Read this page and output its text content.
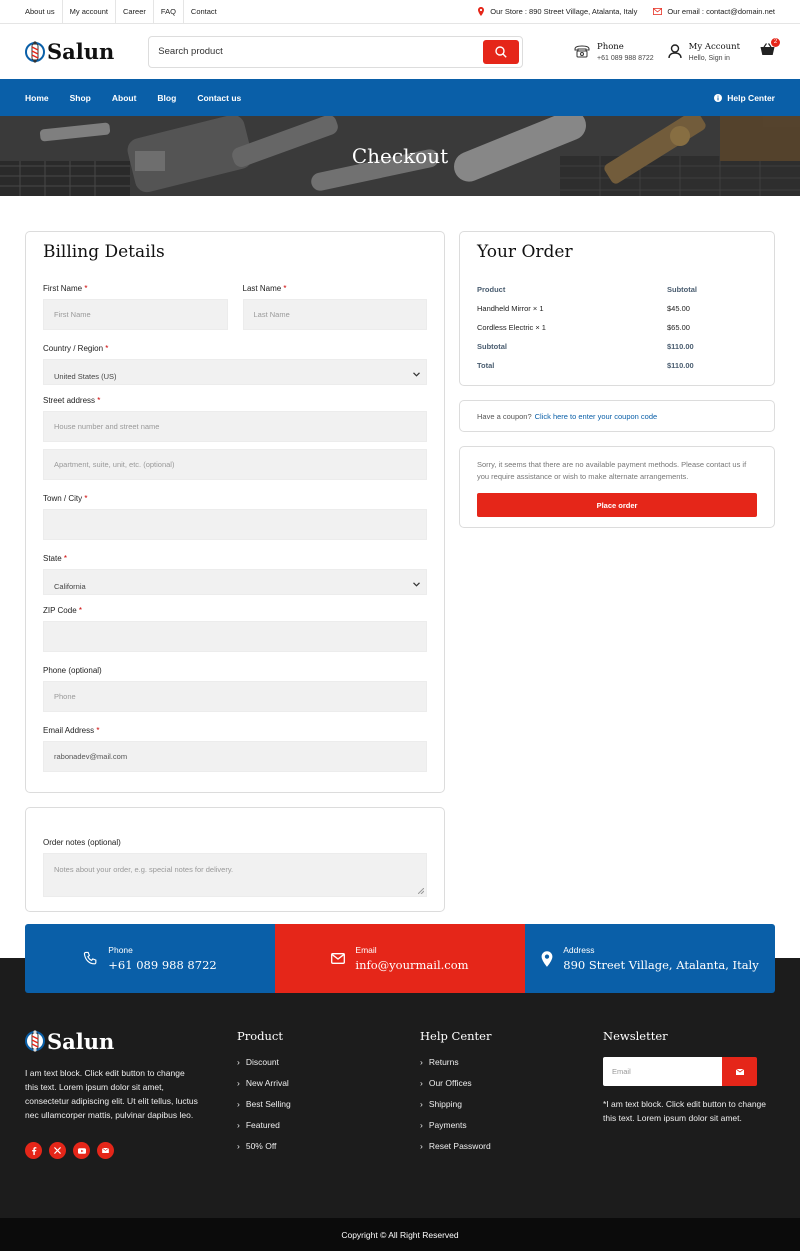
About us	My account	Career	FAQ	Contact	Our Store : 890 Street Village, Atalanta, Italy	Our email : contact@domain.net
Salun	Search product	Phone
+61 089 988 8722
My Account
Hello, Sign in
2
Home Shop About Blog Contact us	Help Center
Checkout
Billing Details
First Name *
First Name
Last Name *
Last Name
Country / Region *
United States (US)
Street address *
House number and street name
Apartment, suite, unit, etc. (optional)
Town / City *
State *
California
ZIP Code *
Phone (optional)
Phone
Email Address *
rabonadev@mail.com
Order notes (optional)
Notes about your order, e.g. special notes for delivery.
Your Order
Product	Subtotal
Handheld Mirror × 1	$45.00
Cordless Electric × 1	$65.00
Subtotal	$110.00
Total	$110.00
Have a coupon? Click here to enter your coupon code

Sorry, it seems that there are no available payment methods. Please contact us if you require assistance or wish to make alternate arrangements.

Place order
Phone
+61 089 988 8722
Email
info@yourmail.com
Address
890 Street Village, Atalanta, Italy
Salun

I am text block. Click edit button to change this text. Lorem ipsum dolor sit amet, consectetur adipiscing elit. Ut elit tellus, luctus nec ullamcorper mattis, pulvinar dapibus leo.

Product
› Discount
› New Arrival
› Best Selling
› Featured
› 50% Off
Help Center
› Returns
› Our Offices
› Shipping
› Payments
› Reset Password
Newsletter
Email
*I am text block. Click edit button to change this text. Lorem ipsum dolor sit amet.
Copyright © All Right Reserved
